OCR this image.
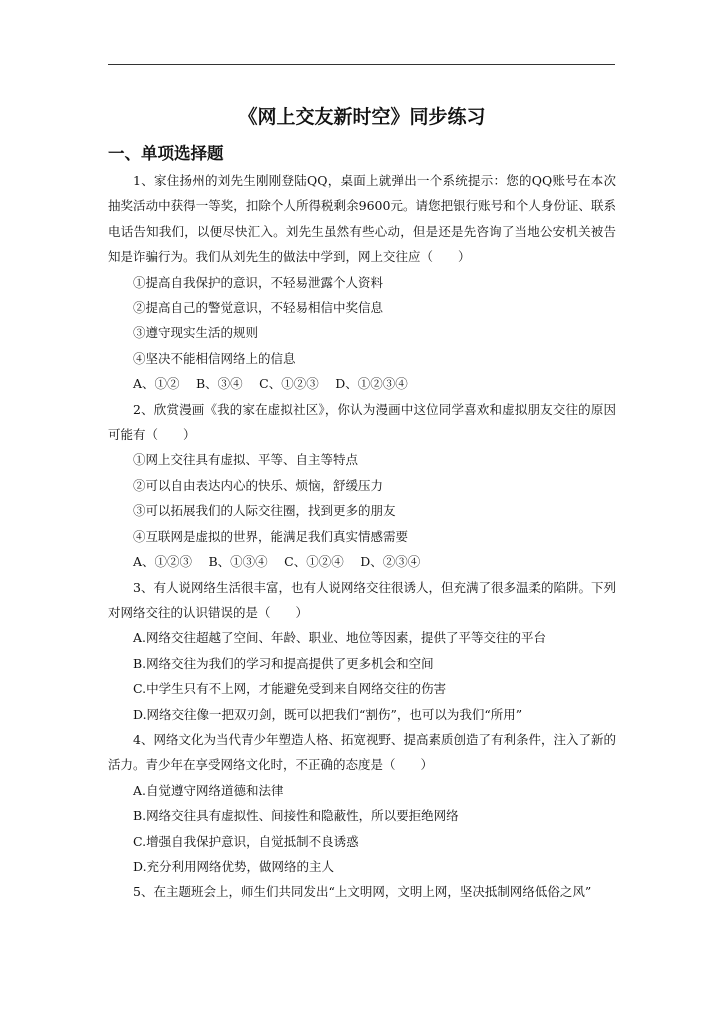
《网上交友新时空》同步练习
一、单项选择题

1、家住扬州的刘先生刚刚登陆QQ，桌面上就弹出一个系统提示：您的QQ账号在本次抽奖活动中获得一等奖，扣除个人所得税剩余9600元。请您把银行账号和个人身份证、联系电话告知我们，以便尽快汇入。刘先生虽然有些心动，但是还是先咨询了当地公安机关被告知是诈骗行为。我们从刘先生的做法中学到，网上交往应（　　）

①提高自我保护的意识，不轻易泄露个人资料

②提高自己的警觉意识，不轻易相信中奖信息

③遵守现实生活的规则

④坚决不能相信网络上的信息

A、①②　 B、③④　 C、①②③　 D、①②③④

2、欣赏漫画《我的家在虚拟社区》，你认为漫画中这位同学喜欢和虚拟朋友交往的原因可能有（　　）

①网上交往具有虚拟、平等、自主等特点

②可以自由表达内心的快乐、烦恼，舒缓压力

③可以拓展我们的人际交往圈，找到更多的朋友

④互联网是虚拟的世界，能满足我们真实情感需要

A、①②③　 B、①③④　 C、①②④　 D、②③④

3、有人说网络生活很丰富，也有人说网络交往很诱人，但充满了很多温柔的陷阱。下列对网络交往的认识错误的是（　　）

A.网络交往超越了空间、年龄、职业、地位等因素，提供了平等交往的平台

B.网络交往为我们的学习和提高提供了更多机会和空间

C.中学生只有不上网，才能避免受到来自网络交往的伤害

D.网络交往像一把双刃剑，既可以把我们“割伤”，也可以为我们“所用”

4、网络文化为当代青少年塑造人格、拓宽视野、提高素质创造了有利条件，注入了新的活力。青少年在享受网络文化时，不正确的态度是（　　）

A.自觉遵守网络道德和法律

B.网络交往具有虚拟性、间接性和隐蔽性，所以要拒绝网络

C.增强自我保护意识，自觉抵制不良诱惑

D.充分利用网络优势，做网络的主人

5、在主题班会上，师生们共同发出“上文明网，文明上网，坚决抵制网络低俗之风”
